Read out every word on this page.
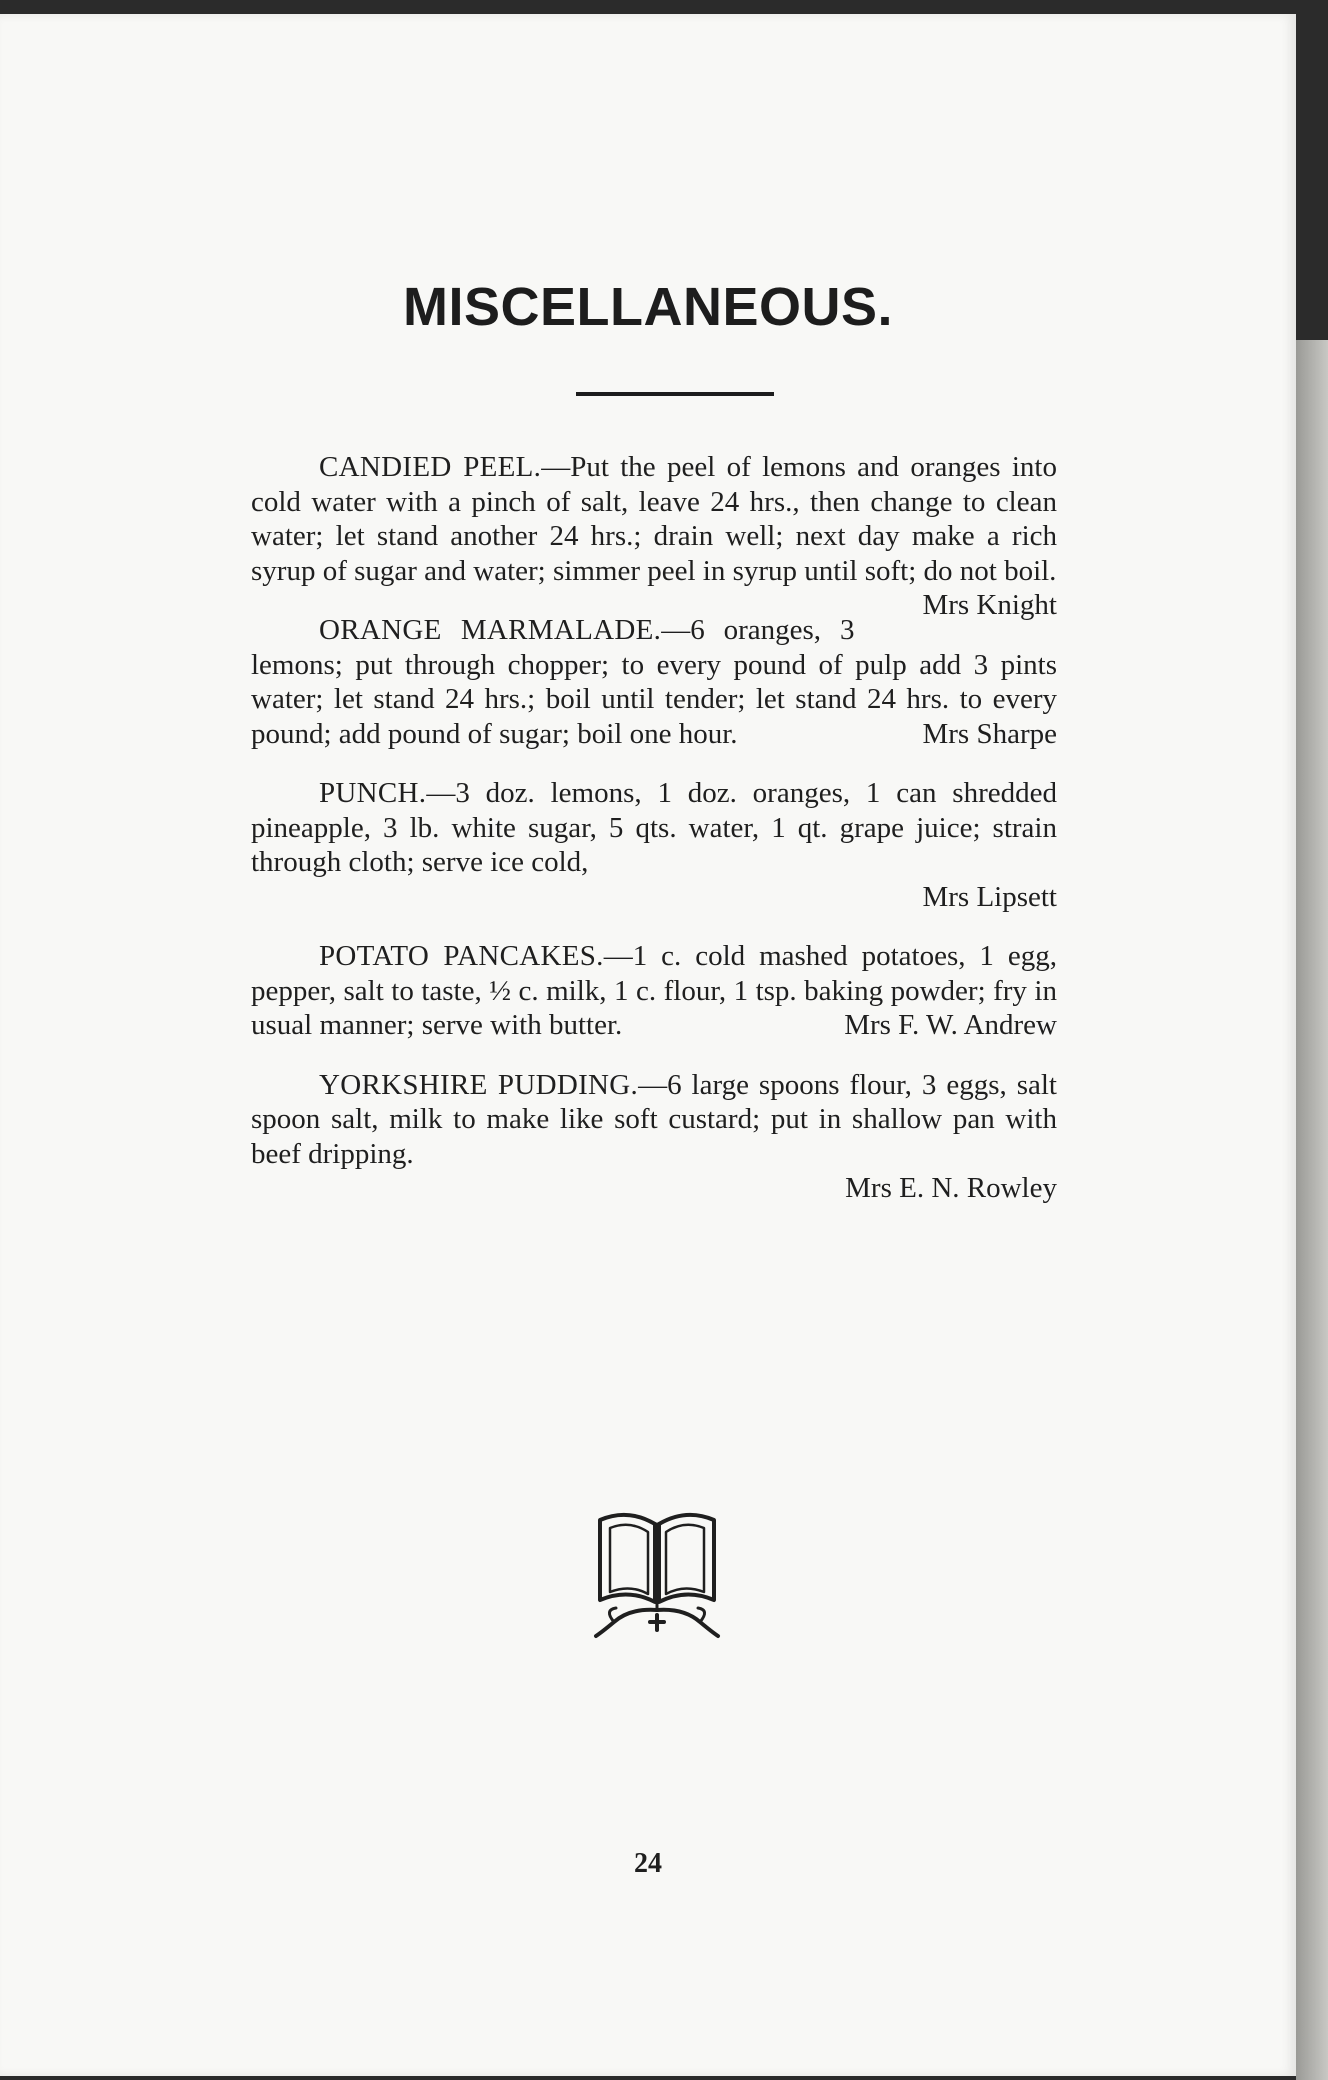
MISCELLANEOUS.

CANDIED PEEL.—Put the peel of lemons and oranges into cold water with a pinch of salt, leave 24 hrs., then change to clean water; let stand another 24 hrs.; drain well; next day make a rich syrup of sugar and water; simmer peel in syrup until soft; do not boil.
Mrs Knight

ORANGE MARMALADE.—6 oranges, 3 lemons; put through chopper; to every pound of pulp add 3 pints water; let stand 24 hrs.; boil until tender; let stand 24 hrs. to every pound; add pound of sugar; boil one hour.	Mrs Sharpe

PUNCH.—3 doz. lemons, 1 doz. oranges, 1 can shredded pineapple, 3 lb. white sugar, 5 qts. water, 1 qt. grape juice; strain through cloth; serve ice cold,

Mrs Lipsett

POTATO PANCAKES.—1 c. cold mashed potatoes, 1 egg, pepper, salt to taste, ½ c. milk, 1 c. flour, 1 tsp. baking powder; fry in usual manner; serve with butter.	Mrs F. W. Andrew

YORKSHIRE PUDDING.—6 large spoons flour, 3 eggs, salt spoon salt, milk to make like soft custard; put in shallow pan with beef dripping.

Mrs E. N. Rowley
24
